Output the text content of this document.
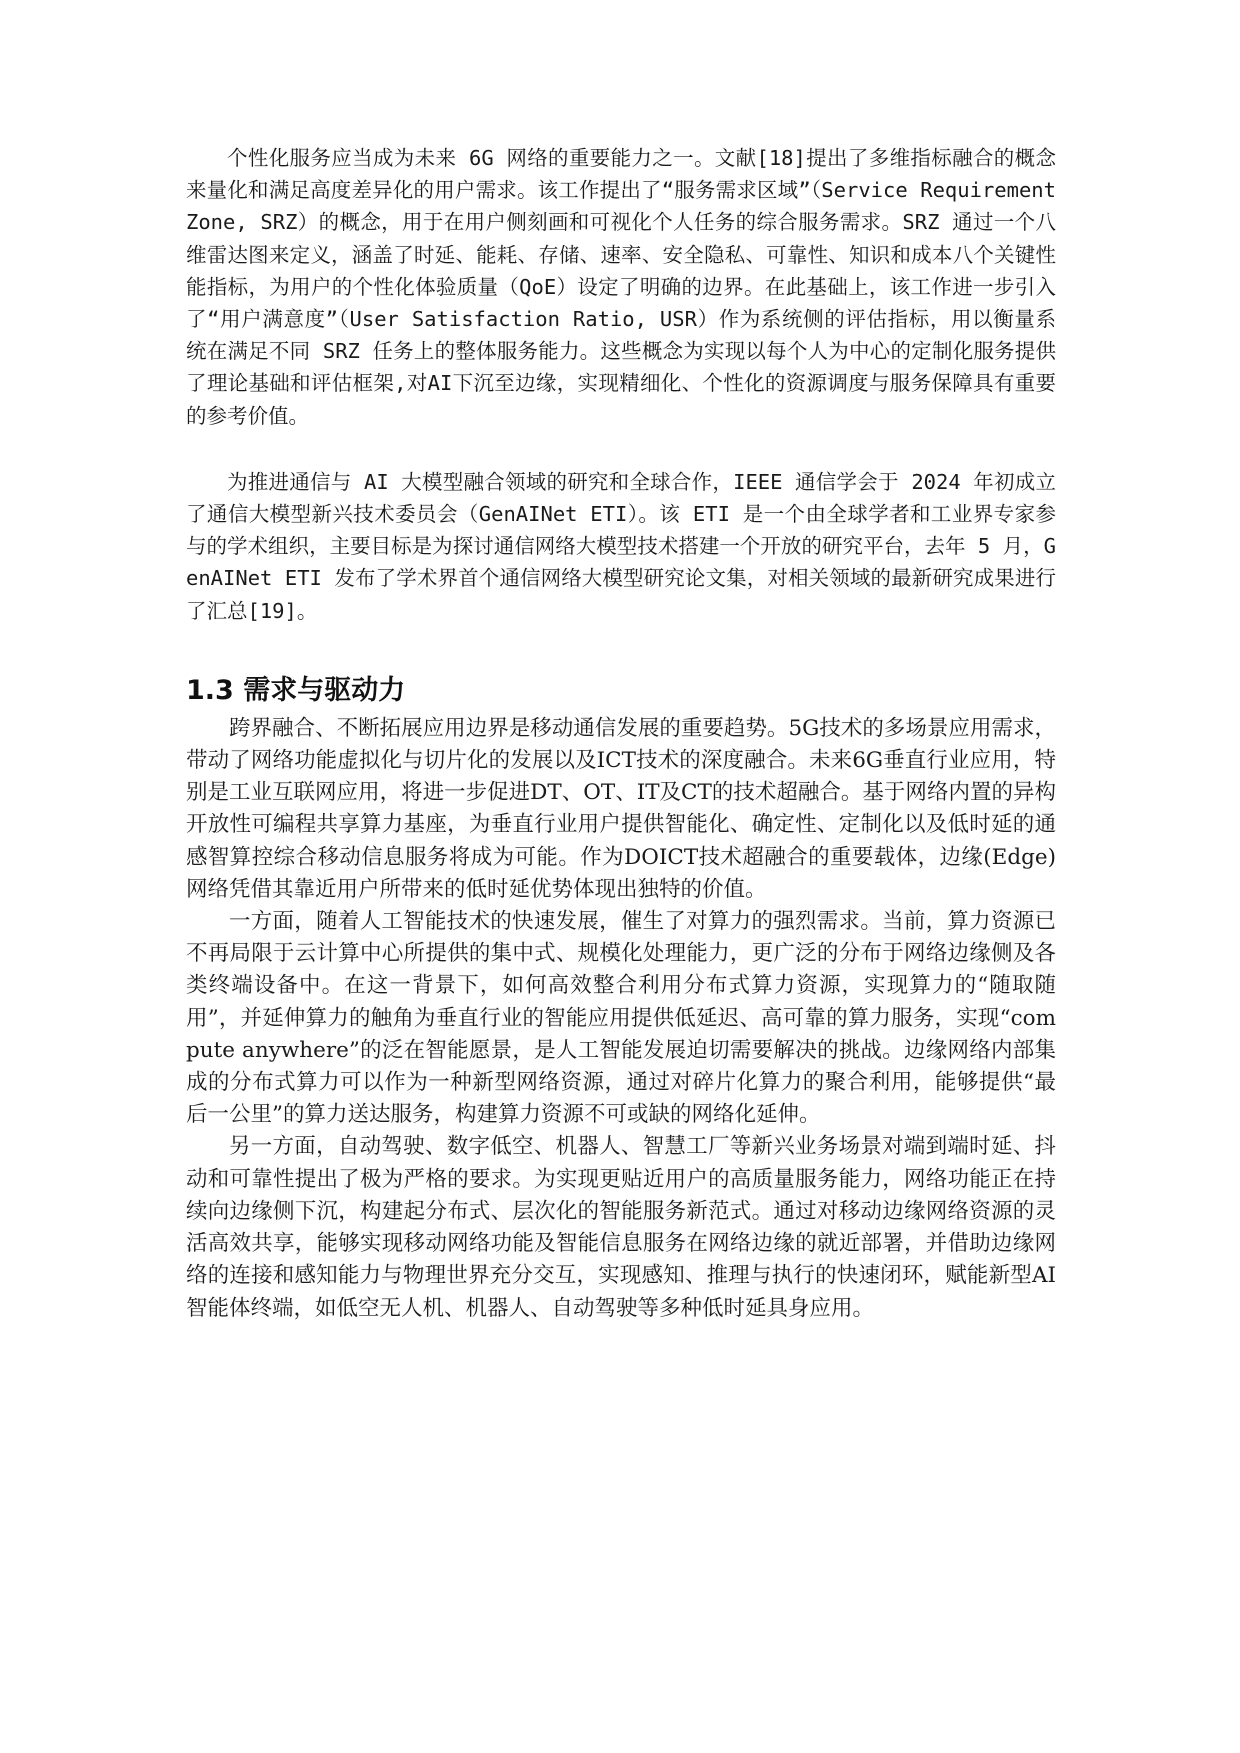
个性化服务应当成为未来 6G 网络的重要能力之一。文献[18]提出了多维指标融合的概念来量化和满足高度差异化的用户需求。该工作提出了“服务需求区域”（Service Requirement Zone, SRZ）的概念，用于在用户侧刻画和可视化个人任务的综合服务需求。SRZ 通过一个八维雷达图来定义，涵盖了时延、能耗、存储、速率、安全隐私、可靠性、知识和成本八个关键性能指标，为用户的个性化体验质量（QoE）设定了明确的边界。在此基础上，该工作进一步引入了“用户满意度”（User Satisfaction Ratio, USR）作为系统侧的评估指标，用以衡量系统在满足不同 SRZ 任务上的整体服务能力。这些概念为实现以每个人为中心的定制化服务提供了理论基础和评估框架,对AI下沉至边缘，实现精细化、个性化的资源调度与服务保障具有重要的参考价值。

为推进通信与 AI 大模型融合领域的研究和全球合作，IEEE 通信学会于 2024 年初成立了通信大模型新兴技术委员会（GenAINet ETI）。该 ETI 是一个由全球学者和工业界专家参与的学术组织，主要目标是为探讨通信网络大模型技术搭建一个开放的研究平台，去年 5 月，GenAINet ETI 发布了学术界首个通信网络大模型研究论文集，对相关领域的最新研究成果进行了汇总[19]。

1.3 需求与驱动力

跨界融合、不断拓展应用边界是移动通信发展的重要趋势。5G技术的多场景应用需求， 带动了网络功能虚拟化与切片化的发展以及ICT技术的深度融合。未来6G垂直行业应用，特别是工业互联网应用，将进一步促进DT、OT、IT及CT的技术超融合。基于网络内置的异构开放性可编程共享算力基座，为垂直行业用户提供智能化、确定性、定制化以及低时延的通感智算控综合移动信息服务将成为可能。作为DOICT技术超融合的重要载体，边缘(Edge)网络凭借其靠近用户所带来的低时延优势体现出独特的价值。

一方面，随着人工智能技术的快速发展，催生了对算力的强烈需求。当前，算力资源已不再局限于云计算中心所提供的集中式、规模化处理能力，更广泛的分布于网络边缘侧及各类终端设备中。在这一背景下，如何高效整合利用分布式算力资源，实现算力的“随取随用”，并延伸算力的触角为垂直行业的智能应用提供低延迟、高可靠的算力服务，实现“compute anywhere”的泛在智能愿景，是人工智能发展迫切需要解决的挑战。边缘网络内部集成的分布式算力可以作为一种新型网络资源，通过对碎片化算力的聚合利用，能够提供“最后一公里”的算力送达服务，构建算力资源不可或缺的网络化延伸。

另一方面，自动驾驶、数字低空、机器人、智慧工厂等新兴业务场景对端到端时延、抖动和可靠性提出了极为严格的要求。为实现更贴近用户的高质量服务能力，网络功能正在持续向边缘侧下沉，构建起分布式、层次化的智能服务新范式。通过对移动边缘网络资源的灵活高效共享，能够实现移动网络功能及智能信息服务在网络边缘的就近部署，并借助边缘网络的连接和感知能力与物理世界充分交互，实现感知、推理与执行的快速闭环，赋能新型AI智能体终端，如低空无人机、机器人、自动驾驶等多种低时延具身应用。
